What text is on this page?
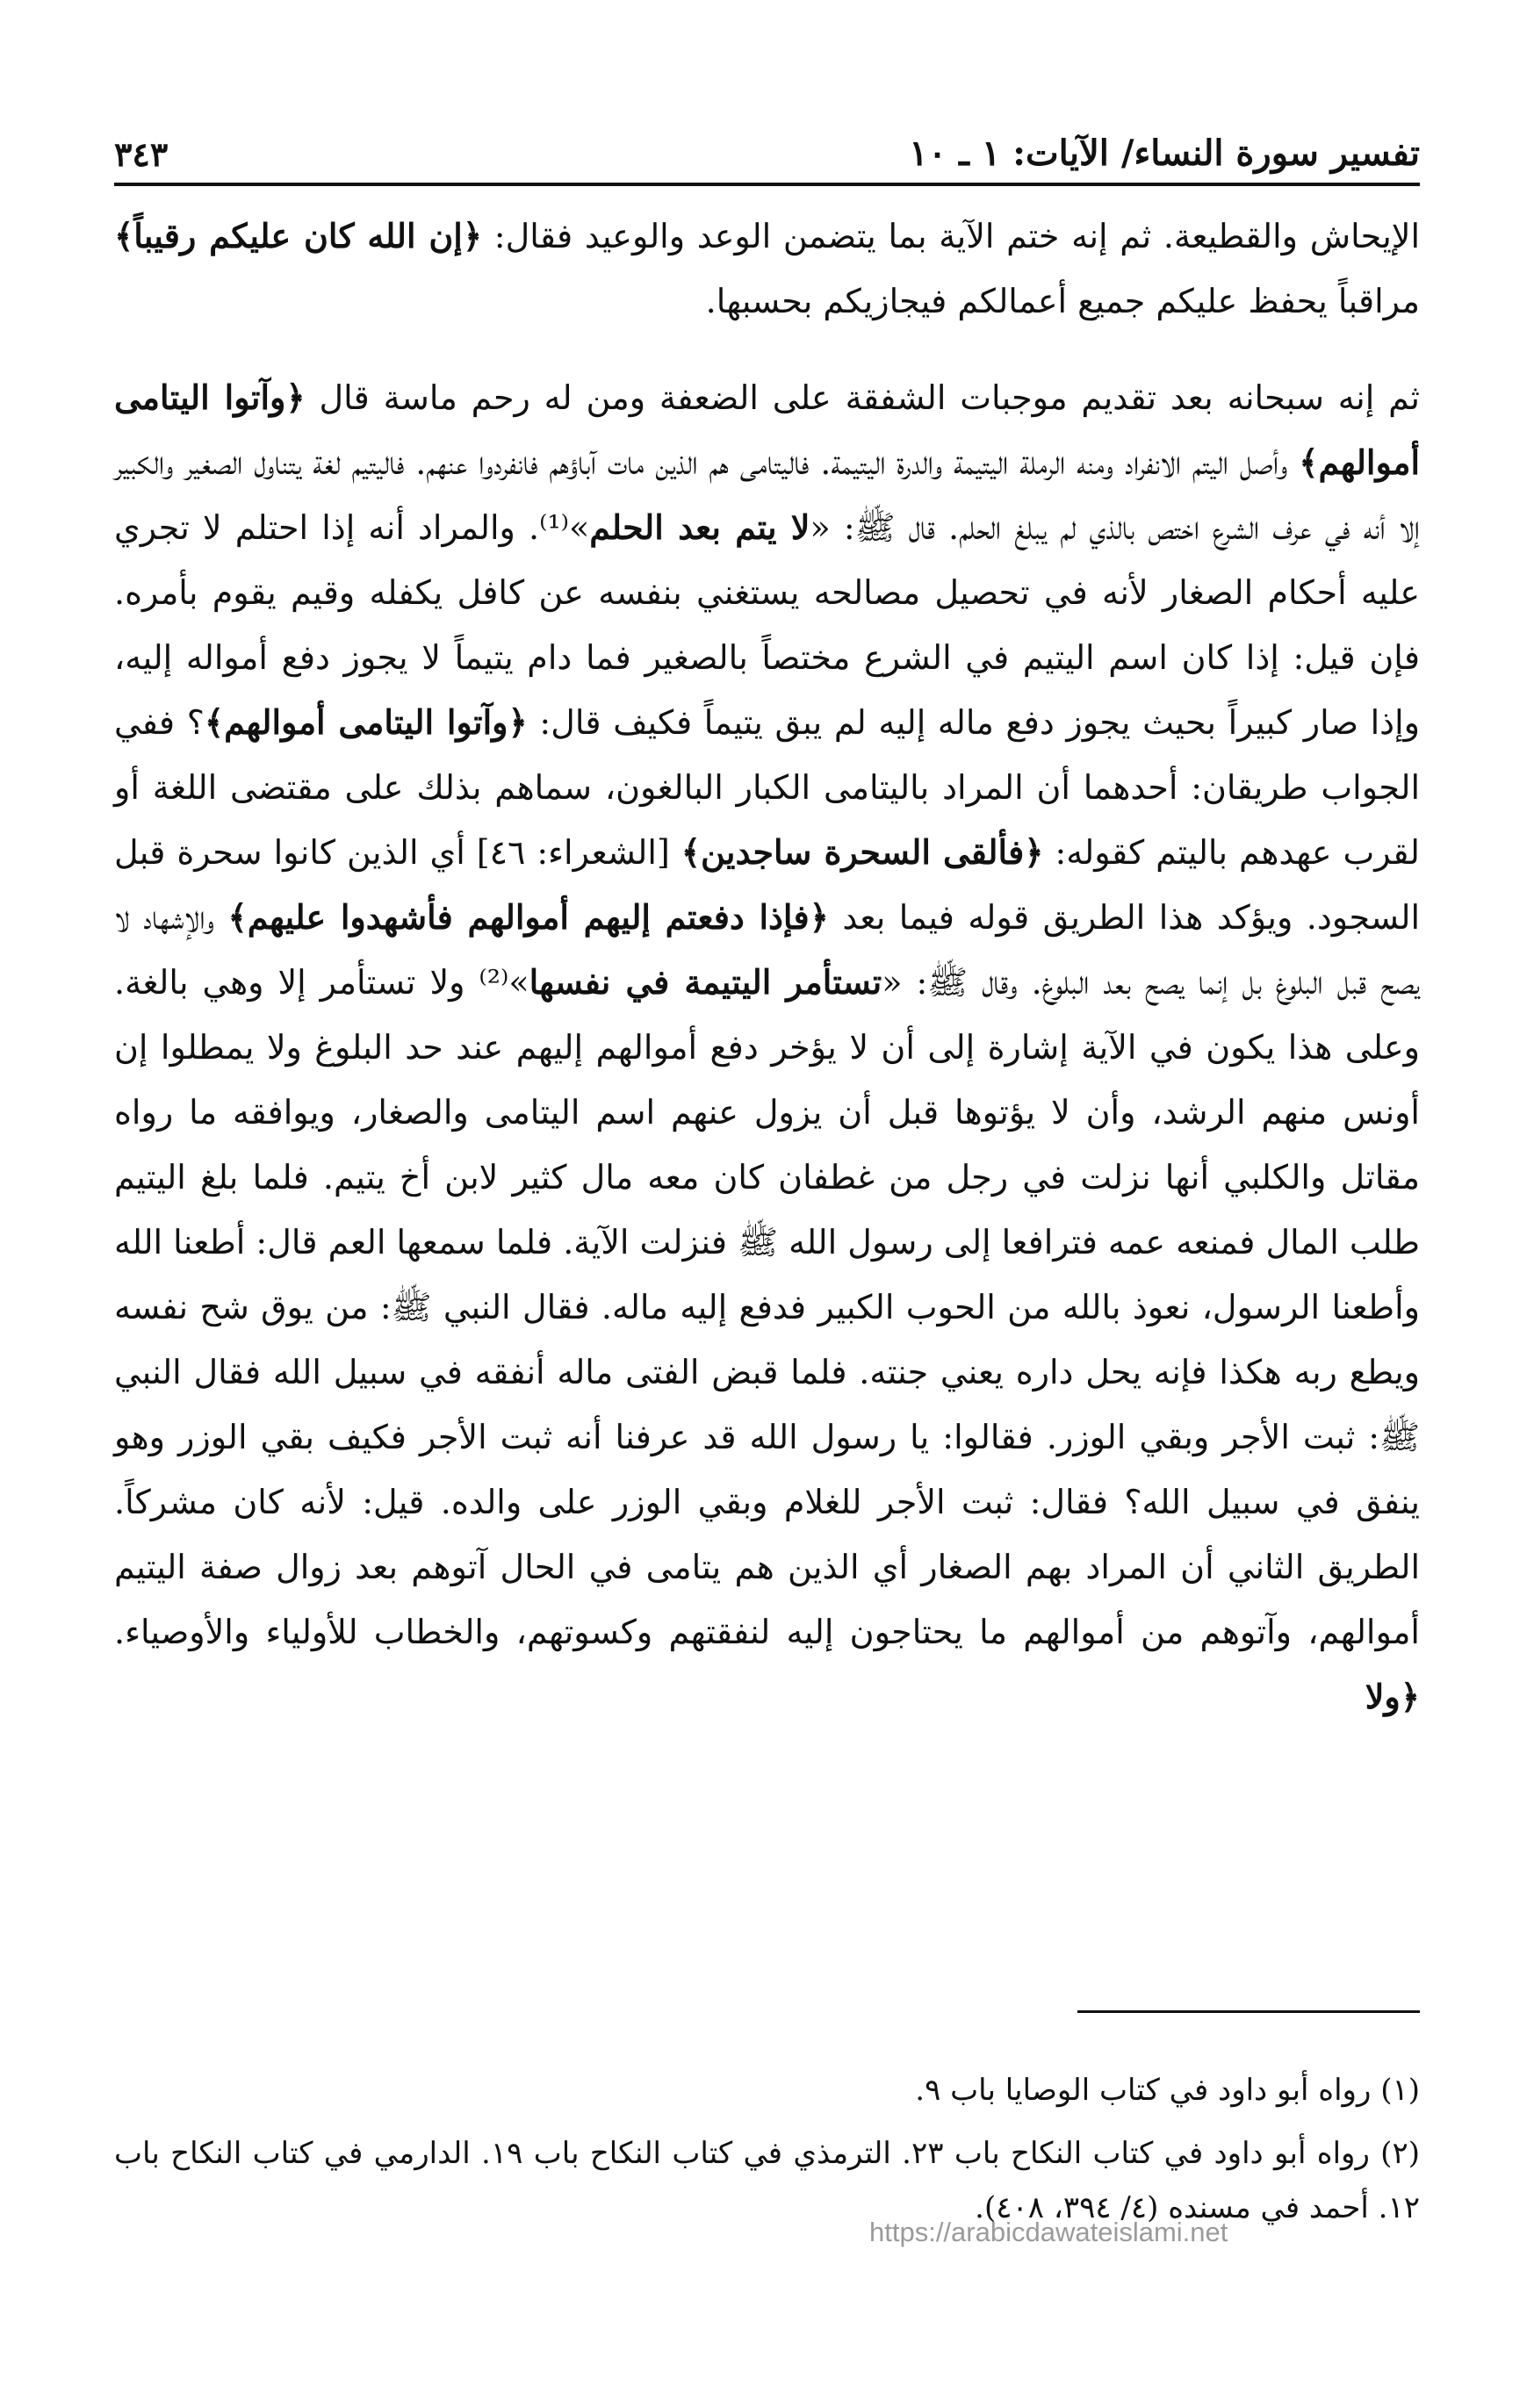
٣٤٣	تفسير سورة النساء/ الآيات: ١ ـ ١٠

الإيحاش والقطيعة. ثم إنه ختم الآية بما يتضمن الوعد والوعيد فقال: ﴿إن الله كان عليكم رقيباً﴾ مراقباً يحفظ عليكم جميع أعمالكم فيجازيكم بحسبها.

ثم إنه سبحانه بعد تقديم موجبات الشفقة على الضعفة ومن له رحم ماسة قال ﴿وآتوا اليتامى أموالهم﴾ وأصل اليتم الانفراد ومنه الرملة اليتيمة والدرة اليتيمة. فاليتامى هم الذين مات آباؤهم فانفردوا عنهم. فاليتيم لغة يتناول الصغير والكبير إلا أنه في عرف الشرع اختص بالذي لم يبلغ الحلم. قال ﷺ: «لا يتم بعد الحلم»⁽¹⁾. والمراد أنه إذا احتلم لا تجري عليه أحكام الصغار لأنه في تحصيل مصالحه يستغني بنفسه عن كافل يكفله وقيم يقوم بأمره. فإن قيل: إذا كان اسم اليتيم في الشرع مختصاً بالصغير فما دام يتيماً لا يجوز دفع أمواله إليه، وإذا صار كبيراً بحيث يجوز دفع ماله إليه لم يبق يتيماً فكيف قال: ﴿وآتوا اليتامى أموالهم﴾؟ ففي الجواب طريقان: أحدهما أن المراد باليتامى الكبار البالغون، سماهم بذلك على مقتضى اللغة أو لقرب عهدهم باليتم كقوله: ﴿فألقى السحرة ساجدين﴾ [الشعراء: ٤٦] أي الذين كانوا سحرة قبل السجود. ويؤكد هذا الطريق قوله فيما بعد ﴿فإذا دفعتم إليهم أموالهم فأشهدوا عليهم﴾ والإشهاد لا يصح قبل البلوغ بل إنما يصح بعد البلوغ. وقال ﷺ: «تستأمر اليتيمة في نفسها»⁽²⁾ ولا تستأمر إلا وهي بالغة. وعلى هذا يكون في الآية إشارة إلى أن لا يؤخر دفع أموالهم إليهم عند حد البلوغ ولا يمطلوا إن أونس منهم الرشد، وأن لا يؤتوها قبل أن يزول عنهم اسم اليتامى والصغار، ويوافقه ما رواه مقاتل والكلبي أنها نزلت في رجل من غطفان كان معه مال كثير لابن أخ يتيم. فلما بلغ اليتيم طلب المال فمنعه عمه فترافعا إلى رسول الله ﷺ فنزلت الآية. فلما سمعها العم قال: أطعنا الله وأطعنا الرسول، نعوذ بالله من الحوب الكبير فدفع إليه ماله. فقال النبي ﷺ: من يوق شح نفسه ويطع ربه هكذا فإنه يحل داره يعني جنته. فلما قبض الفتى ماله أنفقه في سبيل الله فقال النبي ﷺ: ثبت الأجر وبقي الوزر. فقالوا: يا رسول الله قد عرفنا أنه ثبت الأجر فكيف بقي الوزر وهو ينفق في سبيل الله؟ فقال: ثبت الأجر للغلام وبقي الوزر على والده. قيل: لأنه كان مشركاً. الطريق الثاني أن المراد بهم الصغار أي الذين هم يتامى في الحال آتوهم بعد زوال صفة اليتيم أموالهم، وآتوهم من أموالهم ما يحتاجون إليه لنفقتهم وكسوتهم، والخطاب للأولياء والأوصياء. ﴿ولا

(١) رواه أبو داود في كتاب الوصايا باب ٩.

(٢) رواه أبو داود في كتاب النكاح باب ٢٣. الترمذي في كتاب النكاح باب ١٩. الدارمي في كتاب النكاح باب ١٢. أحمد في مسنده (٤/ ٣٩٤، ٤٠٨).

https://arabicdawateislami.net
